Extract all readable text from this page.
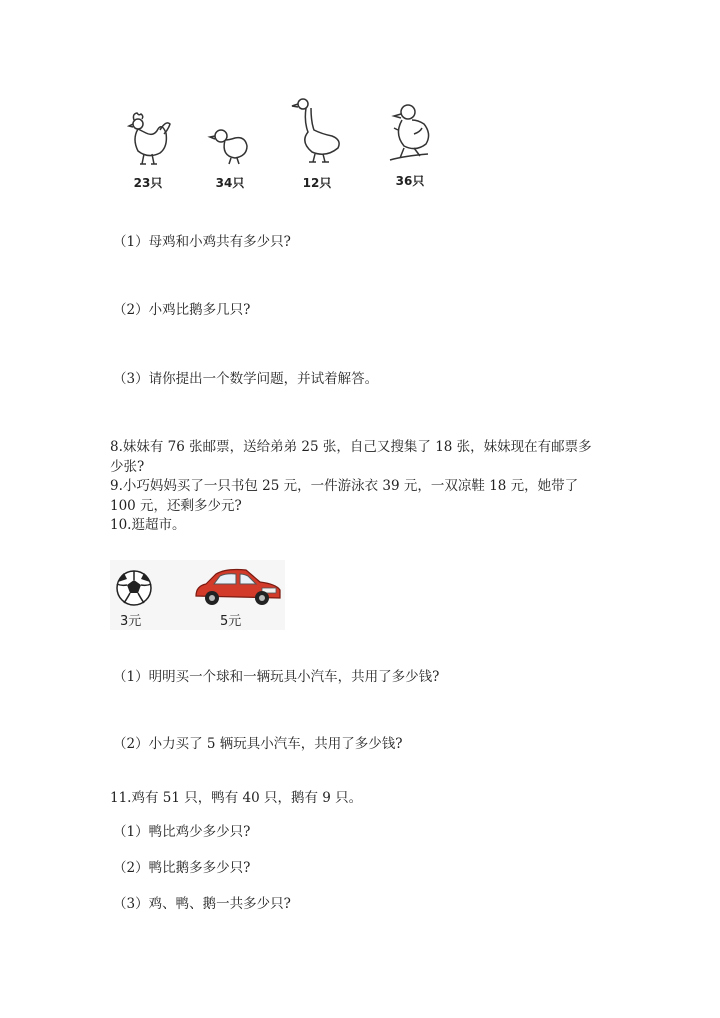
23只	34只	12只	36只
（1）母鸡和小鸡共有多少只?
（2）小鸡比鹅多几只?
（3）请你提出一个数学问题，并试着解答。
8.妹妹有 76 张邮票，送给弟弟 25 张，自己又搜集了 18 张，妹妹现在有邮票多
少张?
9.小巧妈妈买了一只书包 25 元，一件游泳衣 39 元，一双凉鞋 18 元，她带了
100 元，还剩多少元?
10.逛超市。
3元	5元
（1）明明买一个球和一辆玩具小汽车，共用了多少钱?
（2）小力买了 5 辆玩具小汽车，共用了多少钱?
11.鸡有 51 只，鸭有 40 只，鹅有 9 只。
（1）鸭比鸡少多少只?
（2）鸭比鹅多多少只?
（3）鸡、鸭、鹅一共多少只?
